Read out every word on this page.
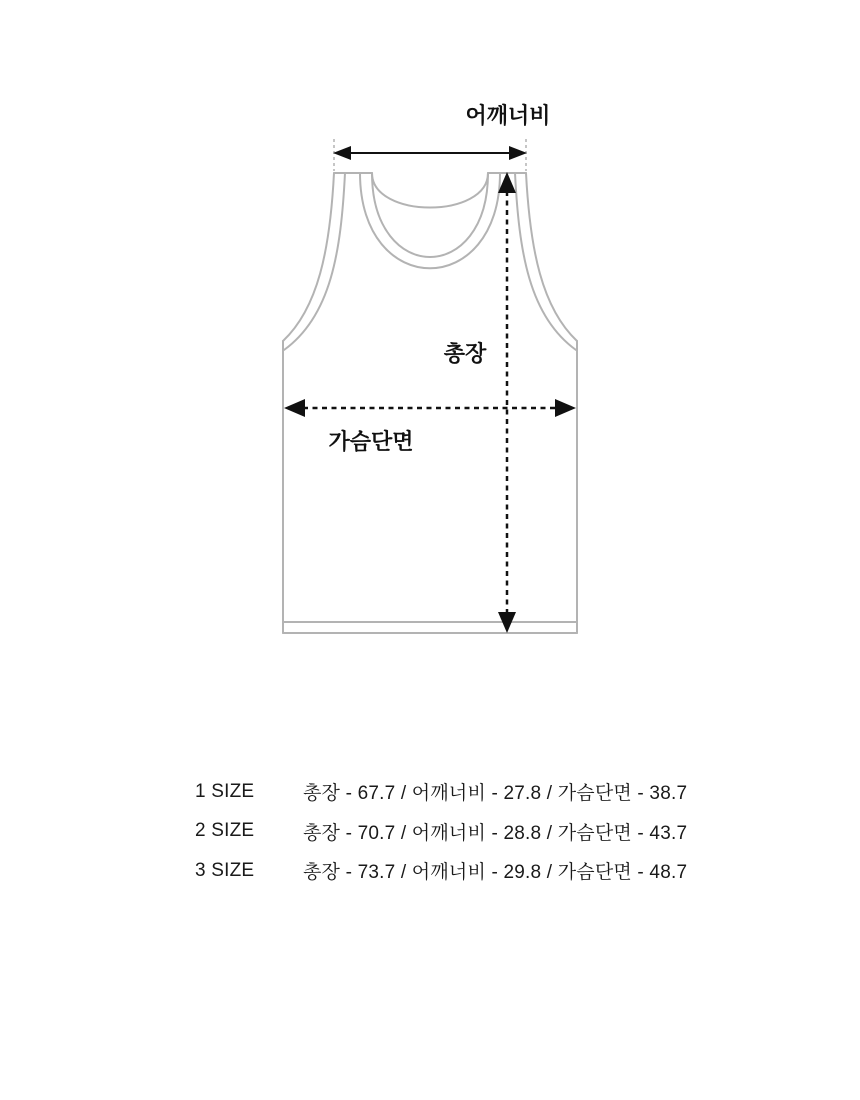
어깨너비
총장
가슴단면
1 SIZE	총장 - 67.7 / 어깨너비 - 27.8 / 가슴단면 - 38.7
2 SIZE	총장 - 70.7 / 어깨너비 - 28.8 / 가슴단면 - 43.7
3 SIZE	총장 - 73.7 / 어깨너비 - 29.8 / 가슴단면 - 48.7
